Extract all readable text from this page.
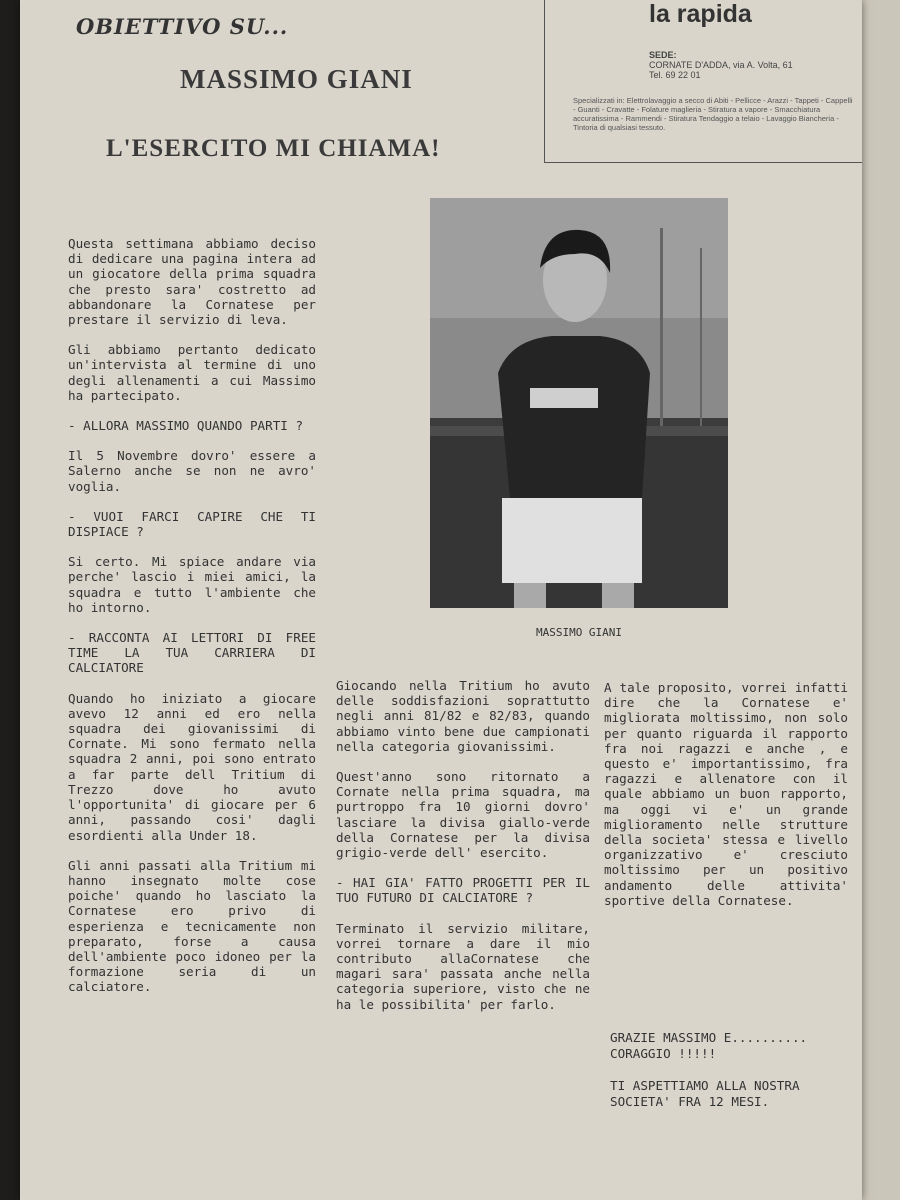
OBIETTIVO SU...
MASSIMO GIANI
L'ESERCITO MI CHIAMA!
la rapida
SEDE:
CORNATE D'ADDA, via A. Volta, 61
Tel. 69 22 01

Specializzati in: Elettrolavaggio a secco di Abiti - Pellicce - Arazzi - Tappeti - Cappelli - Guanti - Cravatte - Folature maglieria - Stiratura a vapore - Smacchiatura accuratissima - Rammendi - Stiratura Tendaggio a telaio - Lavaggio Biancheria - Tintoria di qualsiasi tessuto.

MASSIMO GIANI

Questa settimana abbiamo deciso di dedicare una pagina intera ad un giocatore della prima squadra che presto sara' costretto ad abbandonare la Cornatese per prestare il servizio di leva.

Gli abbiamo pertanto dedicato un'intervista al termine di uno degli allenamenti a cui Massimo ha partecipato.

- ALLORA MASSIMO QUANDO PARTI ?

Il 5 Novembre dovro' essere a Salerno anche se non ne avro' voglia.

- VUOI FARCI CAPIRE CHE TI DISPIACE ?

Si certo. Mi spiace andare via perche' lascio i miei amici, la squadra e tutto l'ambiente che ho intorno.

- RACCONTA AI LETTORI DI FREE TIME LA TUA CARRIERA DI CALCIATORE

Quando ho iniziato a giocare avevo 12 anni ed ero nella squadra dei giovanissimi di Cornate. Mi sono fermato nella squadra 2 anni, poi sono entrato a far parte dell Tritium di Trezzo dove ho avuto l'opportunita' di giocare per 6 anni, passando cosi' dagli esordienti alla Under 18.

Gli anni passati alla Tritium mi hanno insegnato molte cose poiche' quando ho lasciato la Cornatese ero privo di esperienza e tecnicamente non preparato, forse a causa dell'ambiente poco idoneo per la formazione seria di un calciatore.

Giocando nella Tritium ho avuto delle soddisfazioni soprattutto negli anni 81/82 e 82/83, quando abbiamo vinto bene due campionati nella categoria giovanissimi.

Quest'anno sono ritornato a Cornate nella prima squadra, ma purtroppo fra 10 giorni dovro' lasciare la divisa giallo-verde della Cornatese per la divisa grigio-verde dell' esercito.

- HAI GIA' FATTO PROGETTI PER IL TUO FUTURO DI CALCIATORE ?

Terminato il servizio militare, vorrei tornare a dare il mio contributo allaCornatese che magari sara' passata anche nella categoria superiore, visto che ne ha le possibilita' per farlo.

A tale proposito, vorrei infatti dire che la Cornatese e' migliorata moltissimo, non solo per quanto riguarda il rapporto fra noi ragazzi e anche , e questo e' importantissimo, fra ragazzi e allenatore con il quale abbiamo un buon rapporto, ma oggi vi e' un grande miglioramento nelle strutture della societa' stessa e livello organizzativo e' cresciuto moltissimo per un positivo andamento delle attivita' sportive della Cornatese.

GRAZIE MASSIMO E.......... CORAGGIO !!!!!

TI ASPETTIAMO ALLA NOSTRA SOCIETA' FRA 12 MESI.
